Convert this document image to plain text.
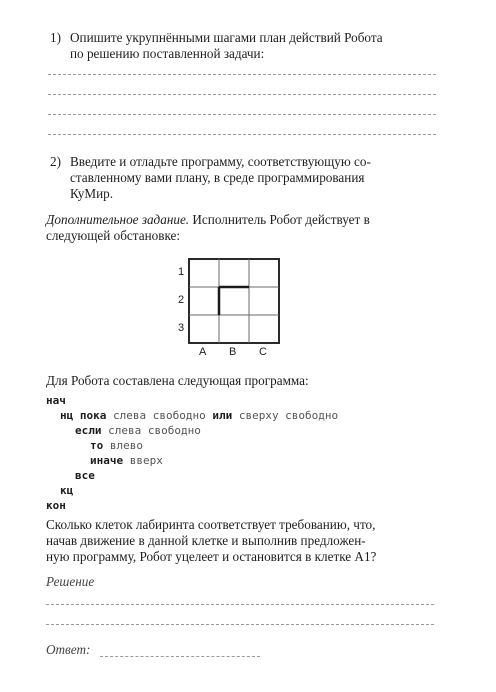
1) Опишите укрупнёнными шагами план действий Робота
по решению поставленной задачи:
2) Введите и отладьте программу, соответствующую со-
ставленному вами плану, в среде программирования
КуМир.
Дополнительное задание. Исполнитель Робот действует в
следующей обстановке:
1
2
3
A B C
Для Робота составлена следующая программа:
нач
нц пока слева свободно или сверху свободно
если слева свободно
то влево
иначе вверх
все
кц
кон
Сколько клеток лабиринта соответствует требованию, что,
начав движение в данной клетке и выполнив предложен-
ную программу, Робот уцелеет и остановится в клетке A1?
Решение
Ответ:
